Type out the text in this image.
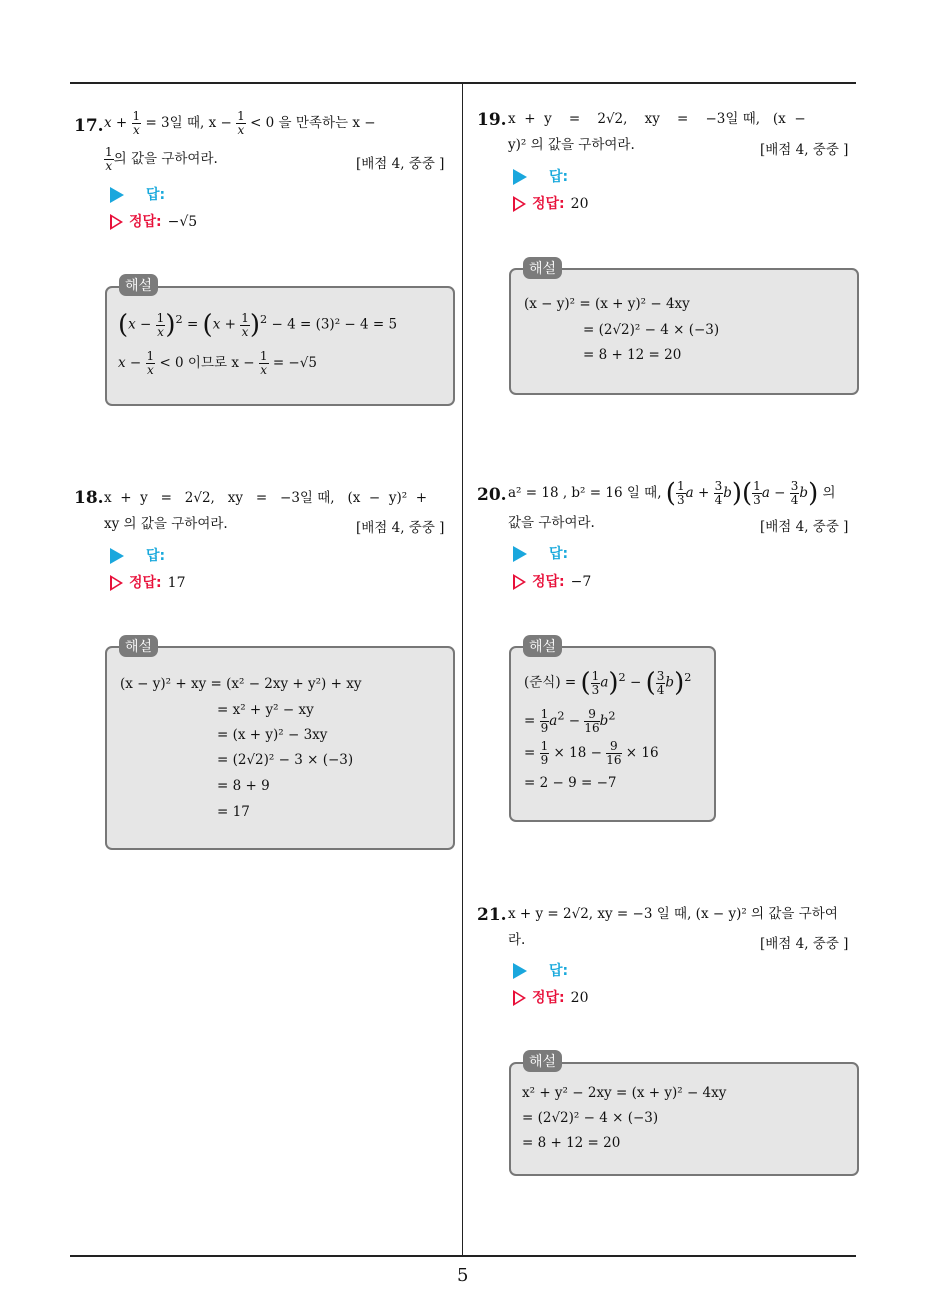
17. $x + \frac{1}{x} = 3$일 때, $x - \frac{1}{x} < 0$ 을 만족하는 x −
$\frac{1}{x}$ 의 값을 구하여라.	[배점 4, 중중 ]
답:
정답: −√5
해설
$(x - \frac{1}{x} )^2 = (x + \frac{1}{x} )^2 - 4 = (3)^2 - 4 = 5$
$x - \frac{1}{x} < 0$ 이므로 $x - \frac{1}{x} = -√5$
18. x  +  y   =   2√2,   xy   =   −3일 때,   (x  −  y)²  +
xy 의 값을 구하여라.	[배점 4, 중중 ]
답:
정답: 17
해설
(x − y)² + xy = (x² − 2xy + y²) + xy
= x² + y² − xy
= (x + y)² − 3xy
= (2√2)² − 3 × (−3)
= 8 + 9
= 17
19. x  +  y    =    2√2,    xy    =    −3일 때,   (x  −
y)² 의 값을 구하여라.	[배점 4, 중중 ]
답:
정답: 20
해설
(x − y)² = (x + y)² − 4xy
= (2√2)² − 4 × (−3)
= 8 + 12 = 20
20. a² = 18 , b² = 16 일 때, ( $\frac{1}{3}$ $a + \frac{3}{4} b)( \frac{1}{3}$ $a - \frac{3}{4} b$) 의
값을 구하여라.	[배점 4, 중중 ]
답:
정답: −7
해설
(준식) = ( $\frac{1}{3} a)^2$ − ( $\frac{3}{4} b)^2$
= $\frac{1}{9} a^2 - \frac{9}{16} b^2$
= $\frac{1}{9} \times 18 - \frac{9}{16} \times 16$
= 2 − 9 = −7
21. x + y = 2√2, xy = −3 일 때, (x − y)² 의 값을 구하여
라.	[배점 4, 중중 ]
답:
정답: 20
해설
x² + y² − 2xy = (x + y)² − 4xy
= (2√2)² − 4 × (−3)
= 8 + 12 = 20
5
